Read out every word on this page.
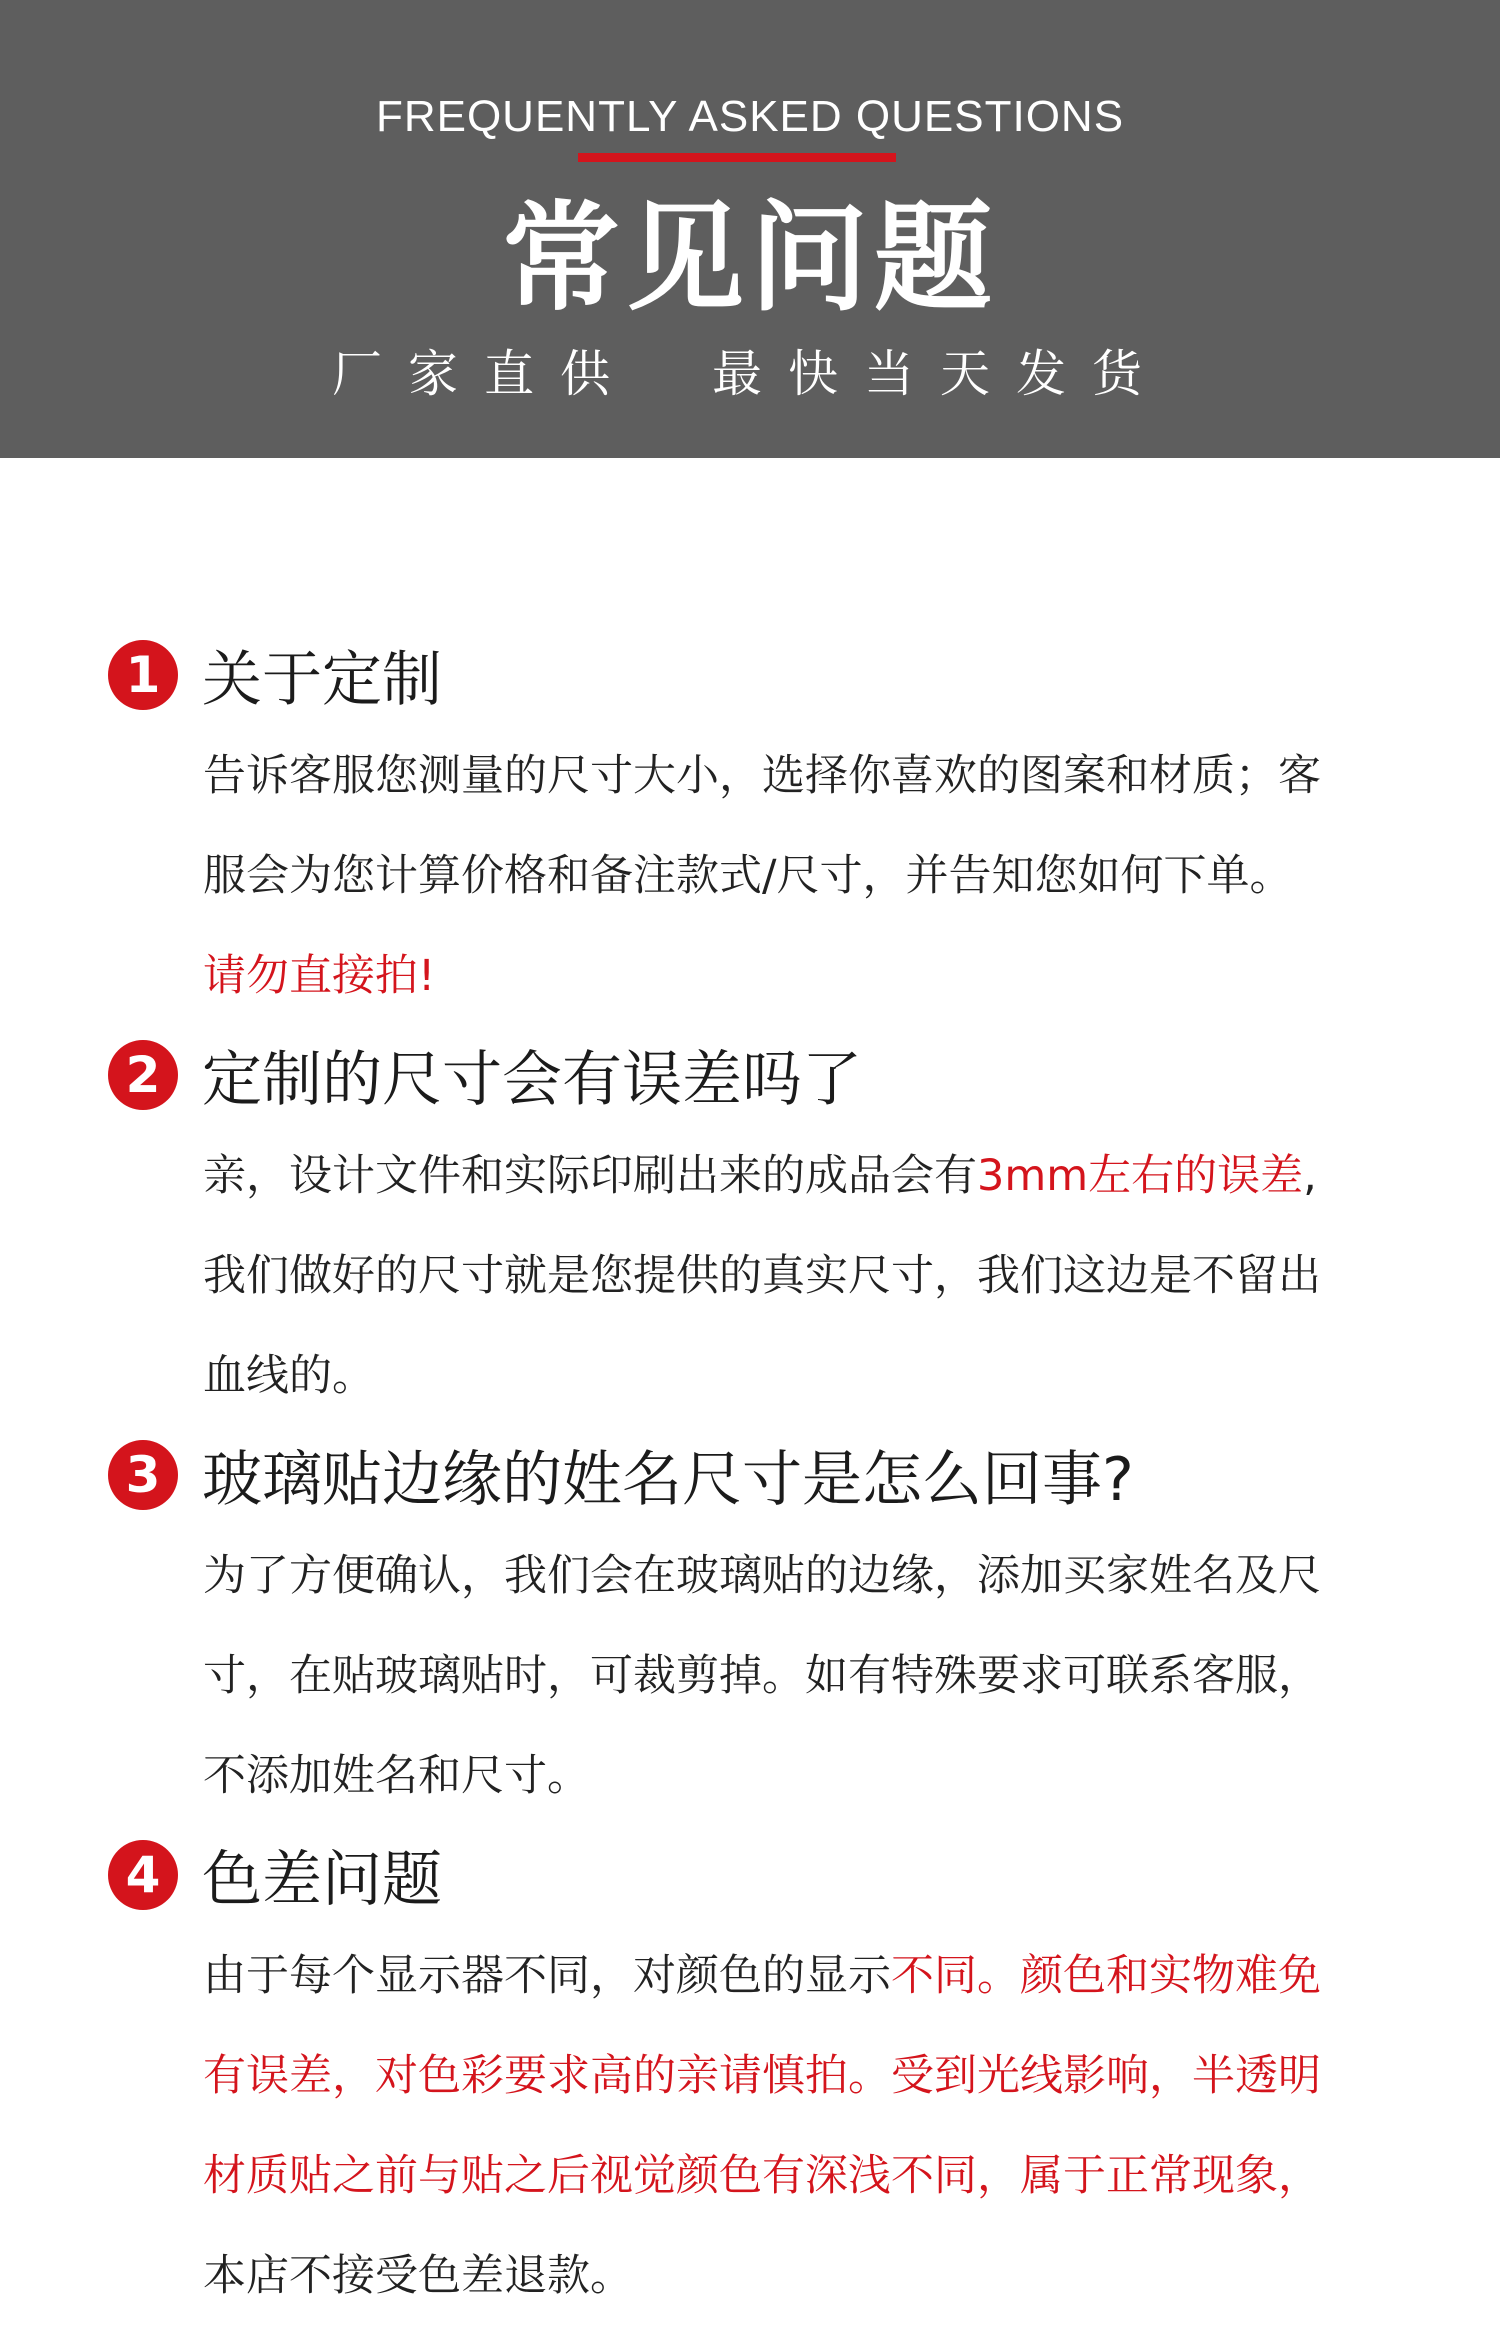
FREQUENTLY ASKED QUESTIONS
常见问题
厂家直供 最快当天发货
1 关于定制

告诉客服您测量的尺寸大小，选择你喜欢的图案和材质；客

服会为您计算价格和备注款式/尺寸，并告知您如何下单。

请勿直接拍!

2 定制的尺寸会有误差吗了

亲，设计文件和实际印刷出来的成品会有3mm左右的误差,

我们做好的尺寸就是您提供的真实尺寸，我们这边是不留出

血线的。

3 玻璃贴边缘的姓名尺寸是怎么回事?

为了方便确认，我们会在玻璃贴的边缘，添加买家姓名及尺

寸，在贴玻璃贴时，可裁剪掉。如有特殊要求可联系客服，

不添加姓名和尺寸。

4 色差问题

由于每个显示器不同，对颜色的显示不同。颜色和实物难免

有误差，对色彩要求高的亲请慎拍。受到光线影响，半透明

材质贴之前与贴之后视觉颜色有深浅不同，属于正常现象，

本店不接受色差退款。
